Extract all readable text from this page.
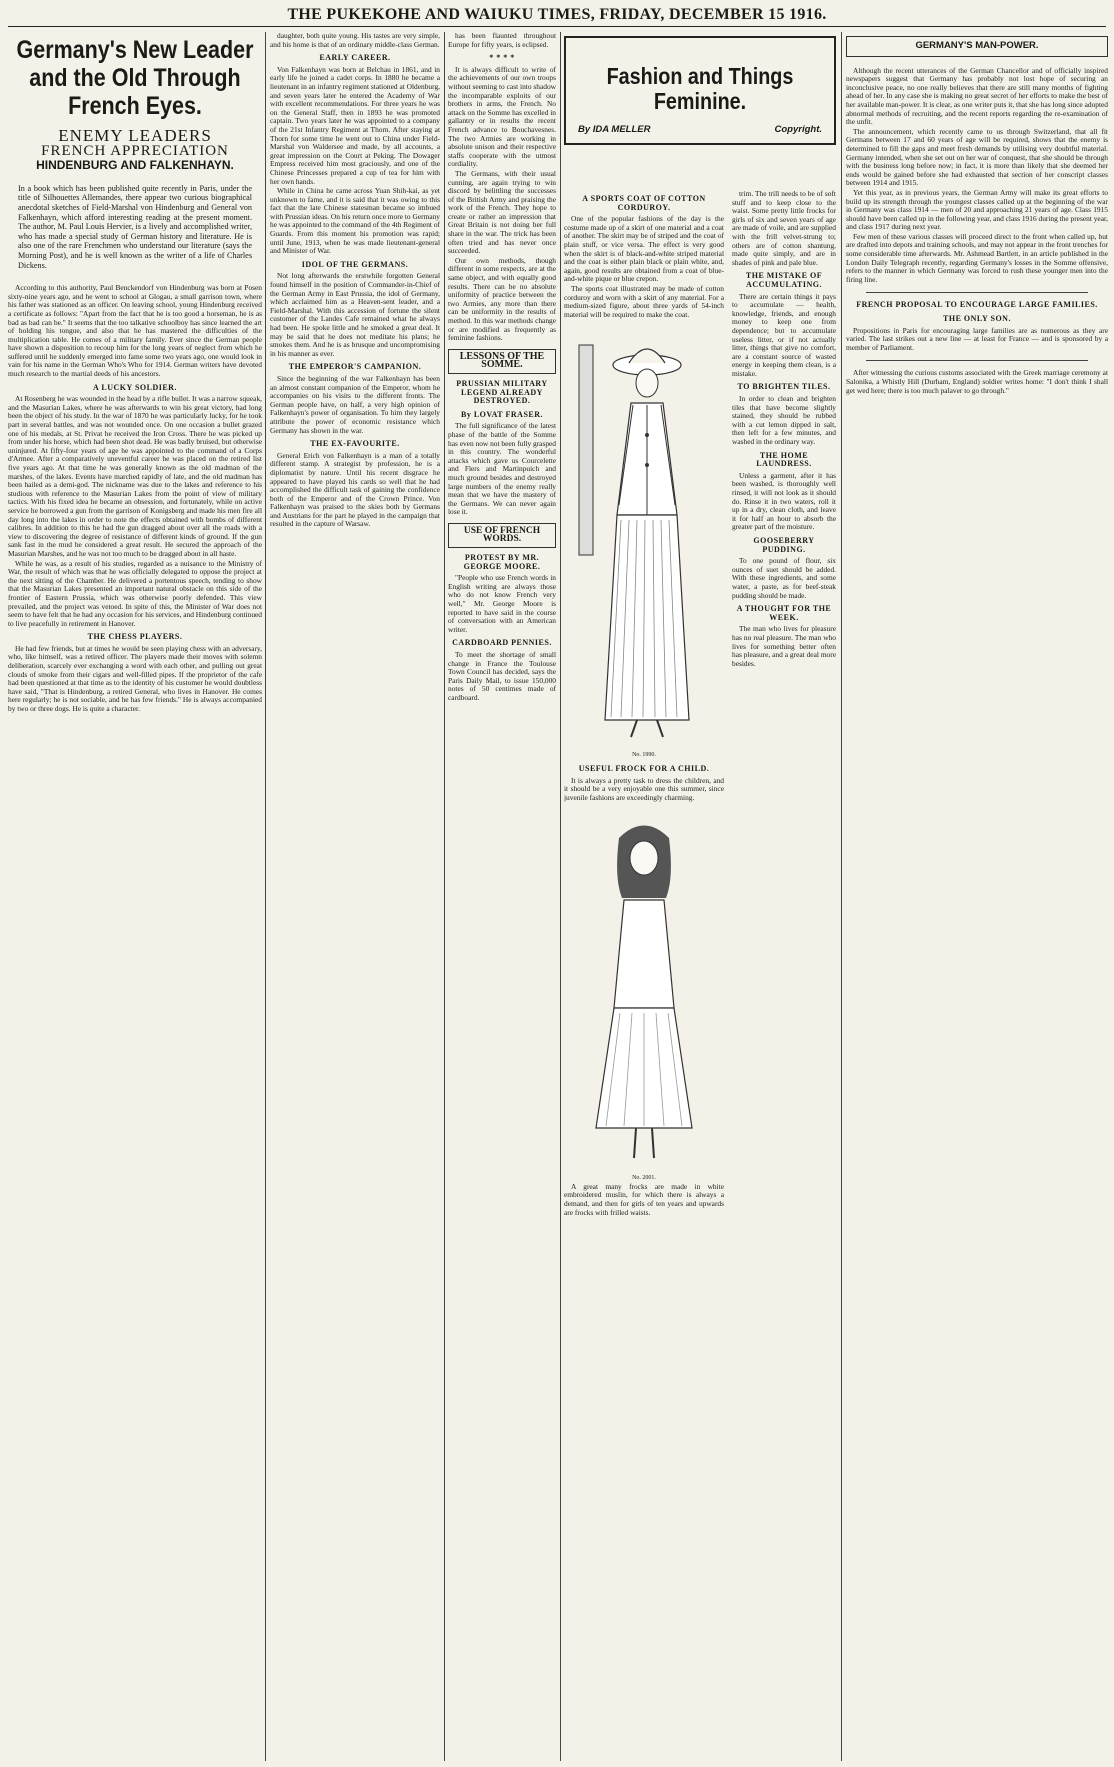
THE PUKEKOHE AND WAIUKU TIMES, FRIDAY, DECEMBER 15 1916.
Germany's New Leader and the Old Through French Eyes.
ENEMY LEADERS
FRENCH APPRECIATION
HINDENBURG AND FALKENHAYN.
In a book which has been published quite recently in Paris, under the title of Silhouettes Allemandes, there appear two curious biographical anecdotal sketches of Field-Marshal von Hindenburg and General von Falkenhayn, which afford interesting reading at the present moment. The author, M. Paul Louis Hervier, is a lively and accomplished writer, who has made a special study of German history and literature. He is also one of the rare Frenchmen who understand our literature (says the Morning Post), and he is well known as the writer of a life of Charles Dickens.

According to this authority, Paul Benckendorf von Hindenburg was born at Posen sixty-nine years ago, and he went to school at Glogau, a small garrison town, where his father was stationed as an officer. On leaving school, young Hindenburg received a certificate as follows: "Apart from the fact that he is too good a horseman, he is as bad as bad can be." It seems that the too talkative schoolboy has since learned the art of holding his tongue, and also that he has mastered the difficulties of the multiplication table. He comes of a military family. Ever since the German people have shown a disposition to recoup him for the long years of neglect from which he suffered until he suddenly emerged into fame some two years ago, one would look in vain for his name in the German Who's Who for 1914. German writers have devoted much research to the martial deeds of his ancestors.

A LUCKY SOLDIER.

At Rosenberg he was wounded in the head by a rifle bullet. It was a narrow squeak, and the Masurian Lakes, where he was afterwards to win his great victory, had long been the object of his study. In the war of 1870 he was particularly lucky, for he took part in several battles, and was not wounded once. On one occasion a bullet grazed one of his medals, at St. Privat he received the Iron Cross. There he was picked up from under his horse, which had been shot dead. He was badly bruised, but otherwise uninjured. At fifty-four years of age he was appointed to the command of a Corps d'Armee. After a comparatively uneventful career he was placed on the retired list five years ago. At that time he was generally known as the old madman of the marshes, of the lakes. Events have marched rapidly of late, and the old madman has been hailed as a demi-god. The nickname was due to the lakes and reference to his studious with reference to the Masurian Lakes from the point of view of military tactics. With his fixed idea he became an obsession, and fortunately, while on active service he borrowed a gun from the garrison of Konigsberg and made his men fire all day long into the lakes in order to note the effects obtained with bombs of different calibres. In addition to this he had the gun dragged about over all the roads with a view to discovering the degree of resistance of different kinds of ground. If the gun sank fast in the mud he considered a great result. He secured the approach of the Masurian Marshes, and he was not too much to be dragged about in all haste.

While he was, as a result of his studies, regarded as a nuisance to the Ministry of War, the result of which was that he was officially delegated to oppose the project at the next sitting of the Chamber. He delivered a portentous speech, tending to show that the Masurian Lakes presented an important natural obstacle on this side of the frontier of Eastern Prussia, which was otherwise poorly defended. This view prevailed, and the project was vetoed. In spite of this, the Minister of War does not seem to have felt that he had any occasion for his services, and Hindenburg continued to live peacefully in retirement in Hanover.

THE CHESS PLAYERS.

He had few friends, but at times he would be seen playing chess with an adversary, who, like himself, was a retired officer. The players made their moves with solemn deliberation, scarcely ever exchanging a word with each other, and pulling out great clouds of smoke from their cigars and well-filled pipes. If the proprietor of the cafe had been questioned at that time as to the identity of his customer he would doubtless have said, "That is Hindenburg, a retired General, who lives in Hanover. He comes here regularly; he is not sociable, and he has few friends." He is always accompanied by two or three dogs. He is quite a character.

daughter, both quite young. His tastes are very simple, and his home is that of an ordinary middle-class German.

EARLY CAREER.

Von Falkenhayn was born at Belchau in 1861, and in early life he joined a cadet corps. In 1880 he became a lieutenant in an infantry regiment stationed at Oldenburg, and seven years later he entered the Academy of War with excellent recommendations. For three years he was on the General Staff, then in 1893 he was promoted captain. Two years later he was appointed to a company of the 21st Infantry Regiment at Thorn. After staying at Thorn for some time he went out to China under Field-Marshal von Waldersee and made, by all accounts, a great impression on the Court at Peking. The Dowager Empress received him most graciously, and one of the Chinese Princesses prepared a cup of tea for him with her own hands.

While in China he came across Yuan Shih-kai, as yet unknown to fame, and it is said that it was owing to this fact that the late Chinese statesman became so imbued with Prussian ideas. On his return once more to Germany he was appointed to the command of the 4th Regiment of Guards. From this moment his promotion was rapid; until June, 1913, when he was made lieutenant-general and Minister of War.

IDOL OF THE GERMANS.

Not long afterwards the erstwhile forgotten General found himself in the position of Commander-in-Chief of the German Army in East Prussia, the idol of Germany, which acclaimed him as a Heaven-sent leader, and a Field-Marshal. With this accession of fortune the silent customer of the Landes Cafe remained what he always had been. He spoke little and he smoked a great deal. It may be said that he does not meditate his plans; he smokes them. And he is as brusque and uncompromising in his manner as ever.

THE EMPEROR'S CAMPANION.

Since the beginning of the war Falkenhayn has been an almost constant companion of the Emperor, whom he accompanies on his visits to the different fronts. The German people have, on half, a very high opinion of Falkenhayn's power of organisation. To him they largely attribute the power of economic resistance which Germany has shown in the war.

THE EX-FAVOURITE.

General Erich von Falkenhayn is a man of a totally different stamp. A strategist by profession, he is a diplomatist by nature. Until his recent disgrace he appeared to have played his cards so well that he had accomplished the difficult task of gaining the confidence both of the Emperor and of the Crown Prince. Von Falkenhayn was praised to the skies both by Germans and Austrians for the part he played in the campaign that resulted in the capture of Warsaw.

has been flaunted throughout Europe for fifty years, is eclipsed.

* * * *

It is always difficult to write of the achievements of our own troops without seeming to cast into shadow the incomparable exploits of our brothers in arms, the French. No attack on the Somme has excelled in gallantry or in results the recent French advance to Bouchavesnes. The two Armies are working in absolute unison and their respective staffs cooperate with the utmost cordiality.

The Germans, with their usual cunning, are again trying to win discord by belittling the successes of the British Army and praising the work of the French. They hope to create or rather an impression that Great Britain is not doing her full share in the war. The trick has been often tried and has never once succeeded.

Our own methods, though different in some respects, are at the same object, and with equally good results. There can be no absolute uniformity of practice between the two Armies, any more than there can be uniformity in the results of method. In this war methods change or are modified as frequently as feminine fashions.

LESSONS OF THE SOMME.
PRUSSIAN MILITARY LEGEND ALREADY DESTROYED.
By LOVAT FRASER.

The full significance of the latest phase of the battle of the Somme has even now not been fully grasped in this country. The wonderful attacks which gave us Courcelette and Flers and Martinpuich and much ground besides and destroyed large numbers of the enemy really mean that we have the mastery of the Germans. We can never again lose it.

USE OF FRENCH WORDS.
PROTEST BY MR. GEORGE MOORE.

"People who use French words in English writing are always those who do not know French very well," Mr. George Moore is reported to have said in the course of conversation with an American writer.

CARDBOARD PENNIES.

To meet the shortage of small change in France the Toulouse Town Council has decided, says the Paris Daily Mail, to issue 150,000 notes of 50 centimes made of cardboard.

Fashion and Things Feminine.
By IDA MELLER	Copyright.
A SPORTS COAT OF COTTON CORDUROY.

One of the popular fashions of the day is the costume made up of a skirt of one material and a coat of another. The skirt may be of striped and the coat of plain stuff, or vice versa. The effect is very good when the skirt is of black-and-white striped material and the coat is either plain black or plain white, and, again, good results are obtained from a coat of blue-and-white pique or blue crepon.

The sports coat illustrated may be made of cotton corduroy and worn with a skirt of any material. For a medium-sized figure, about three yards of 54-inch material will be required to make the coat.

No. 1990.
USEFUL FROCK FOR A CHILD.

It is always a pretty task to dress the children, and it should be a very enjoyable one this summer, since juvenile fashions are exceedingly charming.

No. 2001.

A great many frocks are made in white embroidered muslin, for which there is always a demand, and then for girls of ten years and upwards are frocks with frilled waists.

trim. The trill needs to be of soft stuff and to keep close to the waist. Some pretty little frocks for girls of six and seven years of age are made of voile, and are supplied with the frill velvet-strung to; others are of cotton shantung, made quite simply, and are in shades of pink and pale blue.

THE MISTAKE OF ACCUMULATING.

There are certain things it pays to accumulate — health, knowledge, friends, and enough money to keep one from dependence; but to accumulate useless litter, or if not actually litter, things that give no comfort, are a constant source of wasted energy in keeping them clean, is a mistake.

TO BRIGHTEN TILES.

In order to clean and brighten tiles that have become slightly stained, they should be rubbed with a cut lemon dipped in salt, then left for a few minutes, and washed in the ordinary way.

THE HOME LAUNDRESS.

Unless a garment, after it has been washed, is thoroughly well rinsed, it will not look as it should do. Rinse it in two waters, roll it up in a dry, clean cloth, and leave it for half an hour to absorb the greater part of the moisture.

GOOSEBERRY PUDDING.

To one pound of flour, six ounces of suet should be added. With these ingredients, and some water, a paste, as for beef-steak pudding should be made.

A THOUGHT FOR THE WEEK.

The man who lives for pleasure has no real pleasure. The man who lives for something better often has pleasure, and a great deal more besides.

GERMANY'S MAN-POWER.

Although the recent utterances of the German Chancellor and of officially inspired newspapers suggest that Germany has probably not lost hope of securing an inconclusive peace, no one really believes that there are still many months of fighting ahead of her. In any case she is making no great secret of her efforts to make the best of her available man-power. It is clear, as one writer puts it, that she has long since adopted abnormal methods of recruiting, and the recent reports regarding the re-examination of the unfit.

The announcement, which recently came to us through Switzerland, that all fit Germans between 17 and 60 years of age will be required, shows that the enemy is determined to fill the gaps and meet fresh demands by utilising very doubtful material. Germany intended, when she set out on her war of conquest, that she should be through with the business long before now; in fact, it is more than likely that she deemed her ends would be gained before she had exhausted that section of her conscript classes between 1914 and 1915.

Yet this year, as in previous years, the German Army will make its great efforts to build up its strength through the youngest classes called up at the beginning of the war in Germany was class 1914 — men of 20 and approaching 21 years of age. Class 1915 should have been called up in the following year, and class 1916 during the present year, and class 1917 during next year.

Few men of these various classes will proceed direct to the front when called up, but are drafted into depots and training schools, and may not appear in the front trenches for some considerable time afterwards. Mr. Ashmead Bartlett, in an article published in the London Daily Telegraph recently, regarding Germany's losses in the Somme offensive, refers to the manner in which Germany was forced to rush these younger men into the firing line.

FRENCH PROPOSAL TO ENCOURAGE LARGE FAMILIES.
THE ONLY SON.

Propositions in Paris for encouraging large families are as numerous as they are varied. The last strikes out a new line — at least for France — and is sponsored by a member of Parliament.

After witnessing the curious customs associated with the Greek marriage ceremony at Salonika, a Whistly Hill (Durham, England) soldier writes home: "I don't think I shall get wed here; there is too much palaver to go through."
